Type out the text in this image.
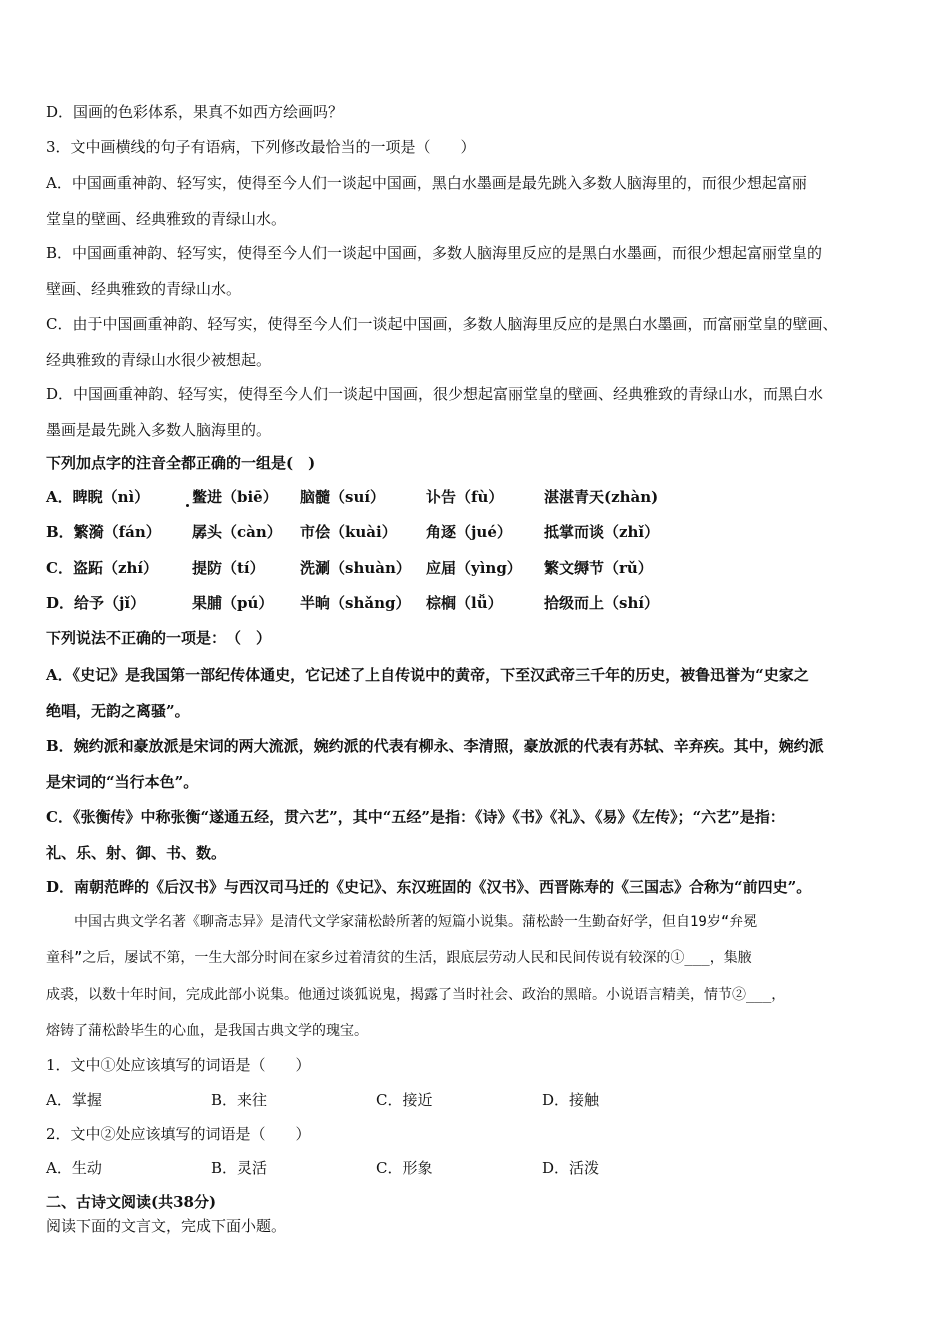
D．国画的色彩体系，果真不如西方绘画吗？
3．文中画横线的句子有语病，下列修改最恰当的一项是（　　）
A．中国画重神韵、轻写实，使得至今人们一谈起中国画，黑白水墨画是最先跳入多数人脑海里的，而很少想起富丽
堂皇的壁画、经典雅致的青绿山水。
B．中国画重神韵、轻写实，使得至今人们一谈起中国画，多数人脑海里反应的是黑白水墨画，而很少想起富丽堂皇的
壁画、经典雅致的青绿山水。
C．由于中国画重神韵、轻写实，使得至今人们一谈起中国画，多数人脑海里反应的是黑白水墨画，而富丽堂皇的壁画、
经典雅致的青绿山水很少被想起。
D．中国画重神韵、轻写实，使得至今人们一谈起中国画，很少想起富丽堂皇的壁画、经典雅致的青绿山水，而黑白水
墨画是最先跳入多数人脑海里的。
下列加点字的注音全都正确的一组是(　)
A．睥睨（nì）	鳖进（biē） 脑髓（suí）	讣告（fù）	湛湛青天(zhàn)
B．繁漪（fán） 孱头（càn） 市侩（kuài） 角逐（jué） 抵掌而谈（zhǐ）
C．盗跖（zhí） 提防（tí） 洗涮（shuàn） 应届（yìng） 繁文缛节（rǔ）
D．给予（jǐ）	果脯（pú） 半晌（shǎng） 棕榈（lǚ）	拾级而上（shí）
下列说法不正确的一项是：　（　）
A．《史记》是我国第一部纪传体通史，它记述了上自传说中的黄帝，下至汉武帝三千年的历史，被鲁迅誉为“史家之
绝唱，无韵之离骚”。
B．婉约派和豪放派是宋词的两大流派，婉约派的代表有柳永、李清照，豪放派的代表有苏轼、辛弃疾。其中，婉约派
是宋词的“当行本色”。
C．《张衡传》中称张衡“遂通五经，贯六艺”，其中“五经”是指：《诗》《书》《礼》、《易》《左传》；“六艺”是指：
礼、乐、射、御、书、数。
D．南朝范晔的《后汉书》与西汉司马迁的《史记》、东汉班固的《汉书》、西晋陈寿的《三国志》合称为“前四史”。
　　中国古典文学名著《聊斋志异》是清代文学家蒲松龄所著的短篇小说集。蒲松龄一生勤奋好学，但自19岁“弁冕
童科”之后，屡试不第，一生大部分时间在家乡过着清贫的生活，跟底层劳动人民和民间传说有较深的①___，集腋
成裘，以数十年时间，完成此部小说集。他通过谈狐说鬼，揭露了当时社会、政治的黑暗。小说语言精美，情节②___，
熔铸了蒲松龄毕生的心血，是我国古典文学的瑰宝。
1．文中①处应该填写的词语是（　　）
A．掌握	B．来往	C．接近	D．接触
2．文中②处应该填写的词语是（　　）
A．生动	B．灵活	C．形象	D．活泼
二、古诗文阅读(共38分)
阅读下面的文言文，完成下面小题。
